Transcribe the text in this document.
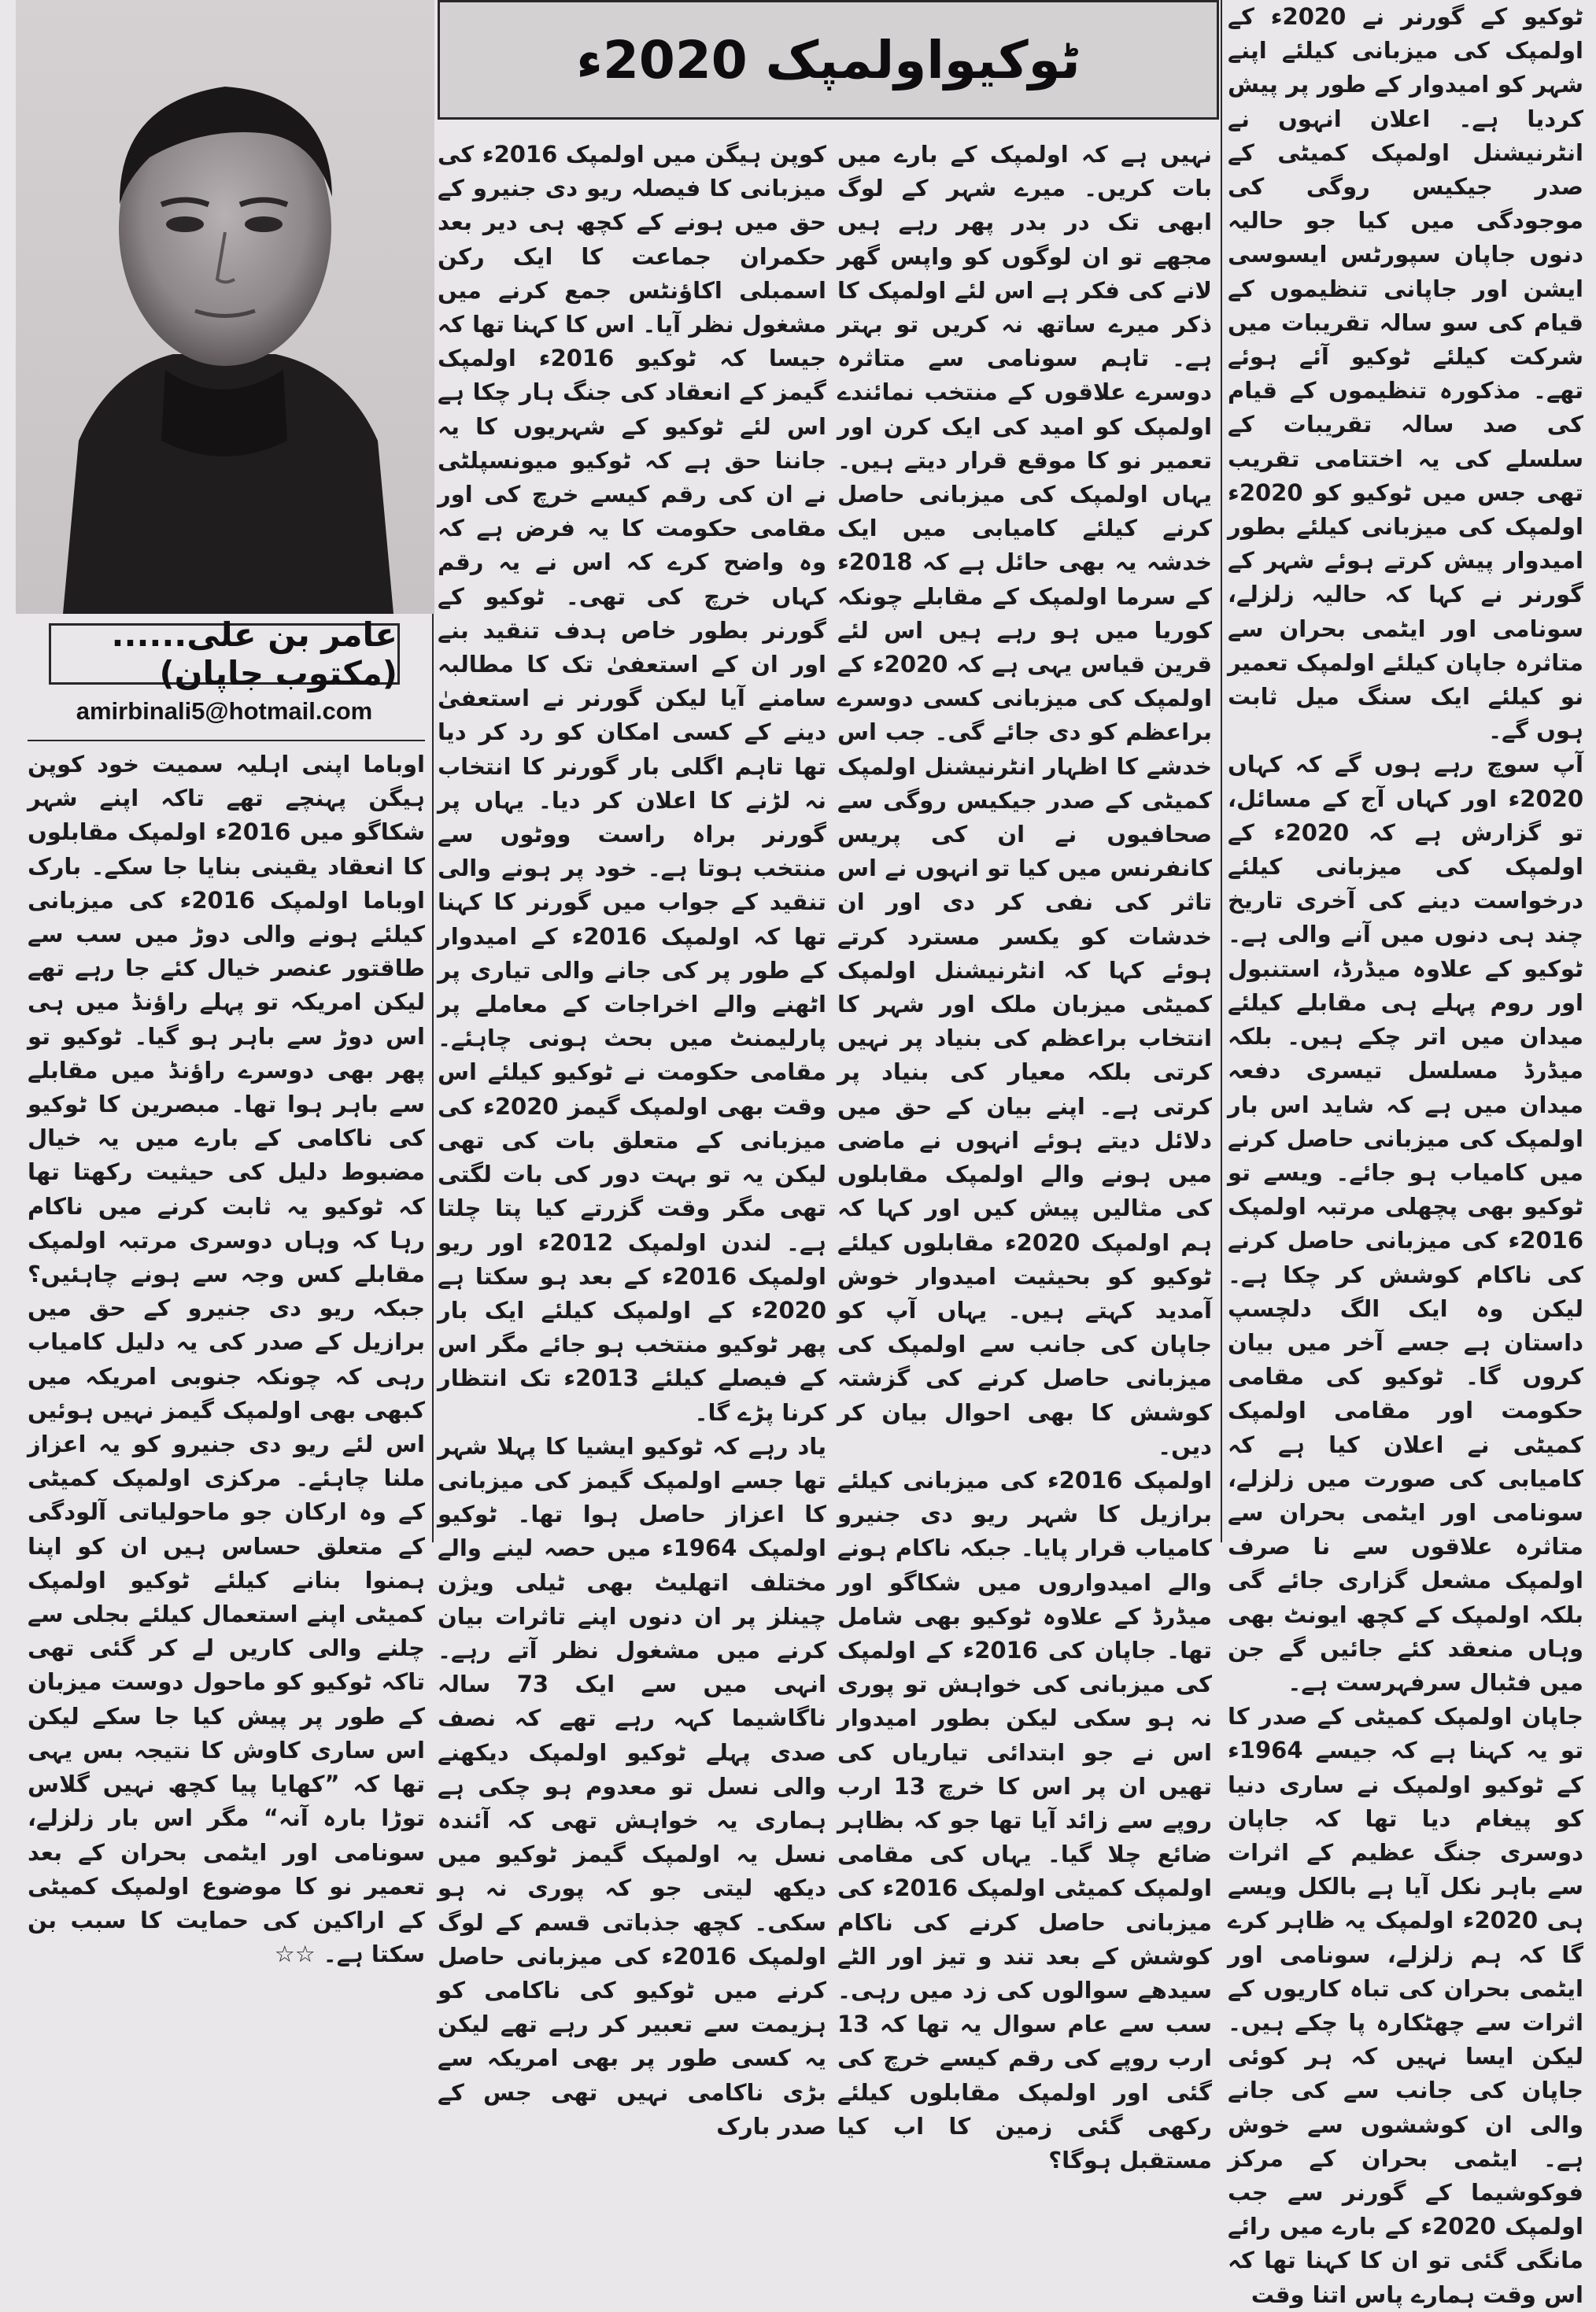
ٹوکیو کے گورنر نے 2020ء کے اولمپک کی میزبانی کیلئے اپنے شہر کو امیدوار کے طور پر پیش کردیا ہے۔ اعلان انہوں نے انٹرنیشنل اولمپک کمیٹی کے صدر جیکیس روگی کی موجودگی میں کیا جو حالیہ دنوں جاپان سپورٹس ایسوسی ایشن اور جاپانی تنظیموں کے قیام کی سو سالہ تقریبات میں شرکت کیلئے ٹوکیو آئے ہوئے تھے۔ مذکورہ تنظیموں کے قیام کی صد سالہ تقریبات کے سلسلے کی یہ اختتامی تقریب تھی جس میں ٹوکیو کو 2020ء اولمپک کی میزبانی کیلئے بطور امیدوار پیش کرتے ہوئے شہر کے گورنر نے کہا کہ حالیہ زلزلے، سونامی اور ایٹمی بحران سے متاثرہ جاپان کیلئے اولمپک تعمیر نو کیلئے ایک سنگ میل ثابت ہوں گے۔
آپ سوچ رہے ہوں گے کہ کہاں 2020ء اور کہاں آج کے مسائل، تو گزارش ہے کہ 2020ء کے اولمپک کی میزبانی کیلئے درخواست دینے کی آخری تاریخ چند ہی دنوں میں آنے والی ہے۔ ٹوکیو کے علاوہ میڈرڈ، استنبول اور روم پہلے ہی مقابلے کیلئے میدان میں اتر چکے ہیں۔ بلکہ میڈرڈ مسلسل تیسری دفعہ میدان میں ہے کہ شاید اس بار اولمپک کی میزبانی حاصل کرنے میں کامیاب ہو جائے۔ ویسے تو ٹوکیو بھی پچھلی مرتبہ اولمپک 2016ء کی میزبانی حاصل کرنے کی ناکام کوشش کر چکا ہے۔ لیکن وہ ایک الگ دلچسپ داستان ہے جسے آخر میں بیان کروں گا۔ ٹوکیو کی مقامی حکومت اور مقامی اولمپک کمیٹی نے اعلان کیا ہے کہ کامیابی کی صورت میں زلزلے، سونامی اور ایٹمی بحران سے متاثرہ علاقوں سے نا صرف اولمپک مشعل گزاری جائے گی بلکہ اولمپک کے کچھ ایونٹ بھی وہاں منعقد کئے جائیں گے جن میں فٹبال سرفہرست ہے۔
جاپان اولمپک کمیٹی کے صدر کا تو یہ کہنا ہے کہ جیسے 1964ء کے ٹوکیو اولمپک نے ساری دنیا کو پیغام دیا تھا کہ جاپان دوسری جنگ عظیم کے اثرات سے باہر نکل آیا ہے بالکل ویسے ہی 2020ء اولمپک یہ ظاہر کرے گا کہ ہم زلزلے، سونامی اور ایٹمی بحران کی تباہ کاریوں کے اثرات سے چھٹکارہ پا چکے ہیں۔ لیکن ایسا نہیں کہ ہر کوئی جاپان کی جانب سے کی جانے والی ان کوششوں سے خوش ہے۔ ایٹمی بحران کے مرکز فوکوشیما کے گورنر سے جب اولمپک 2020ء کے بارے میں رائے مانگی گئی تو ان کا کہنا تھا کہ اس وقت ہمارے پاس اتنا وقت
ٹوکیواولمپک 2020ء
نہیں ہے کہ اولمپک کے بارے میں بات کریں۔ میرے شہر کے لوگ ابھی تک در بدر پھر رہے ہیں مجھے تو ان لوگوں کو واپس گھر لانے کی فکر ہے اس لئے اولمپک کا ذکر میرے ساتھ نہ کریں تو بہتر ہے۔ تاہم سونامی سے متاثرہ دوسرے علاقوں کے منتخب نمائندے اولمپک کو امید کی ایک کرن اور تعمیر نو کا موقع قرار دیتے ہیں۔ یہاں اولمپک کی میزبانی حاصل کرنے کیلئے کامیابی میں ایک خدشہ یہ بھی حائل ہے کہ 2018ء کے سرما اولمپک کے مقابلے چونکہ کوریا میں ہو رہے ہیں اس لئے قرین قیاس یہی ہے کہ 2020ء کے اولمپک کی میزبانی کسی دوسرے براعظم کو دی جائے گی۔ جب اس خدشے کا اظہار انٹرنیشنل اولمپک کمیٹی کے صدر جیکیس روگی سے صحافیوں نے ان کی پریس کانفرنس میں کیا تو انہوں نے اس تاثر کی نفی کر دی اور ان خدشات کو یکسر مسترد کرتے ہوئے کہا کہ انٹرنیشنل اولمپک کمیٹی میزبان ملک اور شہر کا انتخاب براعظم کی بنیاد پر نہیں کرتی بلکہ معیار کی بنیاد پر کرتی ہے۔ اپنے بیان کے حق میں دلائل دیتے ہوئے انہوں نے ماضی میں ہونے والے اولمپک مقابلوں کی مثالیں پیش کیں اور کہا کہ ہم اولمپک 2020ء مقابلوں کیلئے ٹوکیو کو بحیثیت امیدوار خوش آمدید کہتے ہیں۔ یہاں آپ کو جاپان کی جانب سے اولمپک کی میزبانی حاصل کرنے کی گزشتہ کوشش کا بھی احوال بیان کر دیں۔
اولمپک 2016ء کی میزبانی کیلئے برازیل کا شہر ریو دی جنیرو کامیاب قرار پایا۔ جبکہ ناکام ہونے والے امیدواروں میں شکاگو اور میڈرڈ کے علاوہ ٹوکیو بھی شامل تھا۔ جاپان کی 2016ء کے اولمپک کی میزبانی کی خواہش تو پوری نہ ہو سکی لیکن بطور امیدوار اس نے جو ابتدائی تیاریاں کی تھیں ان پر اس کا خرچ 13 ارب روپے سے زائد آیا تھا جو کہ بظاہر ضائع چلا گیا۔ یہاں کی مقامی اولمپک کمیٹی اولمپک 2016ء کی میزبانی حاصل کرنے کی ناکام کوشش کے بعد تند و تیز اور الٹے سیدھے سوالوں کی زد میں رہی۔ سب سے عام سوال یہ تھا کہ 13 ارب روپے کی رقم کیسے خرچ کی گئی اور اولمپک مقابلوں کیلئے رکھی گئی زمین کا اب کیا مستقبل ہوگا؟
کوپن ہیگن میں اولمپک 2016ء کی میزبانی کا فیصلہ ریو دی جنیرو کے حق میں ہونے کے کچھ ہی دیر بعد حکمران جماعت کا ایک رکن اسمبلی اکاؤنٹس جمع کرنے میں مشغول نظر آیا۔ اس کا کہنا تھا کہ جیسا کہ ٹوکیو 2016ء اولمپک گیمز کے انعقاد کی جنگ ہار چکا ہے اس لئے ٹوکیو کے شہریوں کا یہ جاننا حق ہے کہ ٹوکیو میونسپلٹی نے ان کی رقم کیسے خرچ کی اور مقامی حکومت کا یہ فرض ہے کہ وہ واضح کرے کہ اس نے یہ رقم کہاں خرچ کی تھی۔ ٹوکیو کے گورنر بطور خاص ہدف تنقید بنے اور ان کے استعفیٰ تک کا مطالبہ سامنے آیا لیکن گورنر نے استعفیٰ دینے کے کسی امکان کو رد کر دیا تھا تاہم اگلی بار گورنر کا انتخاب نہ لڑنے کا اعلان کر دیا۔ یہاں پر گورنر براہ راست ووٹوں سے منتخب ہوتا ہے۔ خود پر ہونے والی تنقید کے جواب میں گورنر کا کہنا تھا کہ اولمپک 2016ء کے امیدوار کے طور پر کی جانے والی تیاری پر اٹھنے والے اخراجات کے معاملے پر پارلیمنٹ میں بحث ہونی چاہئے۔ مقامی حکومت نے ٹوکیو کیلئے اس وقت بھی اولمپک گیمز 2020ء کی میزبانی کے متعلق بات کی تھی لیکن یہ تو بہت دور کی بات لگتی تھی مگر وقت گزرتے کیا پتا چلتا ہے۔ لندن اولمپک 2012ء اور ریو اولمپک 2016ء کے بعد ہو سکتا ہے 2020ء کے اولمپک کیلئے ایک بار پھر ٹوکیو منتخب ہو جائے مگر اس کے فیصلے کیلئے 2013ء تک انتظار کرنا پڑے گا۔
یاد رہے کہ ٹوکیو ایشیا کا پہلا شہر تھا جسے اولمپک گیمز کی میزبانی کا اعزاز حاصل ہوا تھا۔ ٹوکیو اولمپک 1964ء میں حصہ لینے والے مختلف اتھلیٹ بھی ٹیلی ویژن چینلز پر ان دنوں اپنے تاثرات بیان کرنے میں مشغول نظر آتے رہے۔ انہی میں سے ایک 73 سالہ ناگاشیما کہہ رہے تھے کہ نصف صدی پہلے ٹوکیو اولمپک دیکھنے والی نسل تو معدوم ہو چکی ہے ہماری یہ خواہش تھی کہ آئندہ نسل یہ اولمپک گیمز ٹوکیو میں دیکھ لیتی جو کہ پوری نہ ہو سکی۔ کچھ جذباتی قسم کے لوگ اولمپک 2016ء کی میزبانی حاصل کرنے میں ٹوکیو کی ناکامی کو ہزیمت سے تعبیر کر رہے تھے لیکن یہ کسی طور پر بھی امریکہ سے بڑی ناکامی نہیں تھی جس کے صدر بارک
عامر بن علی......(مکتوب جاپان)
amirbinali5@hotmail.com
اوباما اپنی اہلیہ سمیت خود کوپن ہیگن پہنچے تھے تاکہ اپنے شہر شکاگو میں 2016ء اولمپک مقابلوں کا انعقاد یقینی بنایا جا سکے۔ بارک اوباما اولمپک 2016ء کی میزبانی کیلئے ہونے والی دوڑ میں سب سے طاقتور عنصر خیال کئے جا رہے تھے لیکن امریکہ تو پہلے راؤنڈ میں ہی اس دوڑ سے باہر ہو گیا۔ ٹوکیو تو پھر بھی دوسرے راؤنڈ میں مقابلے سے باہر ہوا تھا۔ مبصرین کا ٹوکیو کی ناکامی کے بارے میں یہ خیال مضبوط دلیل کی حیثیت رکھتا تھا کہ ٹوکیو یہ ثابت کرنے میں ناکام رہا کہ وہاں دوسری مرتبہ اولمپک مقابلے کس وجہ سے ہونے چاہئیں؟ جبکہ ریو دی جنیرو کے حق میں برازیل کے صدر کی یہ دلیل کامیاب رہی کہ چونکہ جنوبی امریکہ میں کبھی بھی اولمپک گیمز نہیں ہوئیں اس لئے ریو دی جنیرو کو یہ اعزاز ملنا چاہئے۔ مرکزی اولمپک کمیٹی کے وہ ارکان جو ماحولیاتی آلودگی کے متعلق حساس ہیں ان کو اپنا ہمنوا بنانے کیلئے ٹوکیو اولمپک کمیٹی اپنے استعمال کیلئے بجلی سے چلنے والی کاریں لے کر گئی تھی تاکہ ٹوکیو کو ماحول دوست میزبان کے طور پر پیش کیا جا سکے لیکن اس ساری کاوش کا نتیجہ بس یہی تھا کہ ”کھایا پیا کچھ نہیں گلاس توڑا بارہ آنہ“ مگر اس بار زلزلے، سونامی اور ایٹمی بحران کے بعد تعمیر نو کا موضوع اولمپک کمیٹی کے اراکین کی حمایت کا سبب بن سکتا ہے۔ ☆☆
